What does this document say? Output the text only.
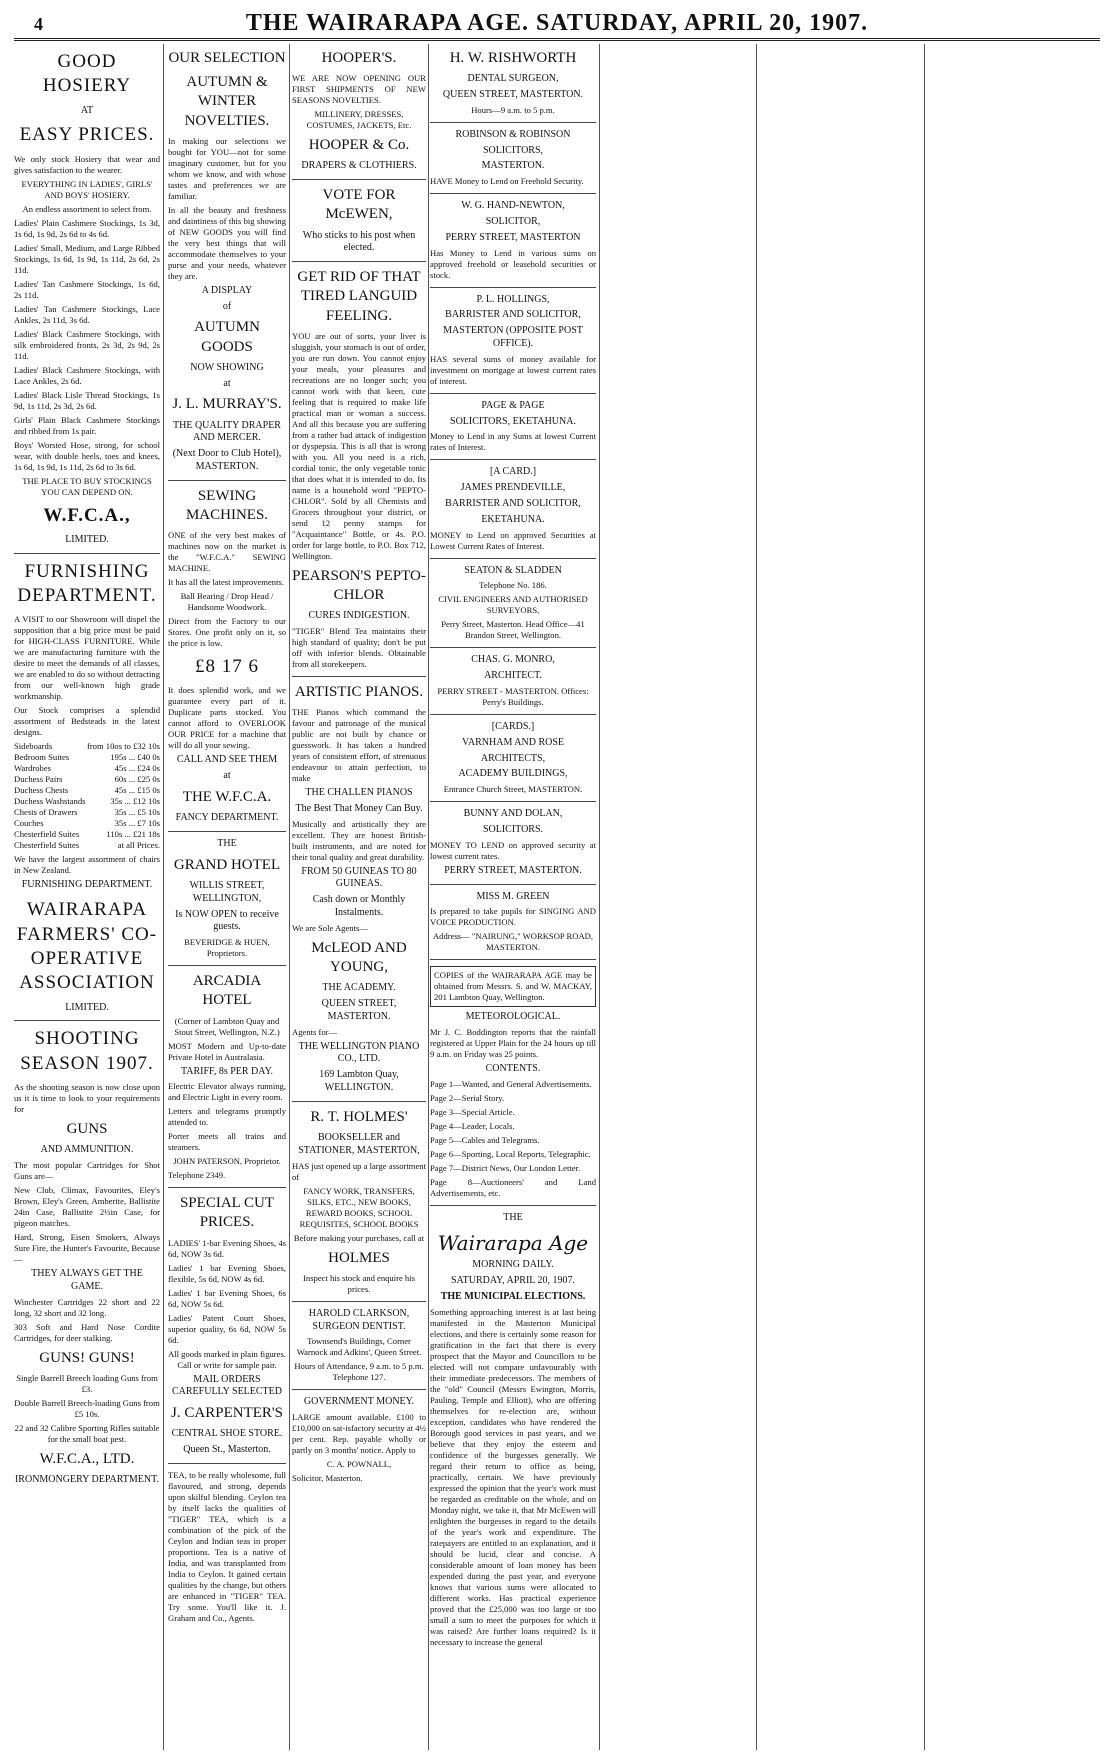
4	THE WAIRARAPA AGE. SATURDAY, APRIL 20, 1907.
GOOD HOSIERY
AT
EASY PRICES.
We only stock Hosiery that wear and gives satisfaction to the wearer.
EVERYTHING IN LADIES', GIRLS' AND BOYS' HOSIERY.
An endless assortment to select from.
Ladies' Plain Cashmere Stockings, 1s 3d, 1s 6d, 1s 9d, 2s 6d to 4s 6d.
Ladies' Small, Medium, and Large Ribbed Stockings, 1s 6d, 1s 9d, 1s 11d, 2s 6d, 2s 11d.
Ladies' Tan Cashmere Stockings, 1s 6d, 2s 11d.
Ladies' Tan Cashmere Stockings, Lace Ankles, 2s 11d, 3s 6d.
Ladies' Black Cashmere Stockings, with silk embroidered fronts, 2s 3d, 2s 9d, 2s 11d.
Ladies' Black Cashmere Stockings, with Lace Ankles, 2s 6d.
Ladies' Black Lisle Thread Stockings, 1s 9d, 1s 11d, 2s 3d, 2s 6d.
Girls' Plain Black Cashmere Stockings and ribbed from 1s pair.
Boys' Worsted Hose, strong, for school wear, with double heels, toes and knees, 1s 6d, 1s 9d, 1s 11d, 2s 6d to 3s 6d.
THE PLACE TO BUY STOCKINGS YOU CAN DEPEND ON.
W.F.C.A.,
LIMITED.
FURNISHING DEPARTMENT.
A VISIT to our Showroom will dispel the supposition that a big price must be paid for HIGH-CLASS FURNITURE. While we are manufacturing furniture with the desire to meet the demands of all classes, we are enabled to do so without detracting from our well-known high grade workmanship.
Our Stock comprises a splendid assortment of Bedsteads in the latest designs.
Sideboards	from 10os to £32 10s
Bedroom Suites	195s ... £40 0s
Wardrobes	45s ... £24 0s
Duchess Pairs	60s ... £25 0s
Duchess Chests	45s ... £15 0s
Duchess Washstands	35s ... £12 10s
Chests of Drawers	35s ... £5 10s
Couches	35s ... £7 10s
Chesterfield Suites	110s ... £21 18s
Chesterfield Suites	at all Prices.
We have the largest assortment of chairs in New Zealand.
FURNISHING DEPARTMENT.
WAIRARAPA FARMERS' CO-OPERATIVE ASSOCIATION
LIMITED.
SHOOTING SEASON 1907.
As the shooting season is now close upon us it is time to look to your requirements for
GUNS
AND AMMUNITION.
The most popular Cartridges for Shot Guns are—
New Club, Climax, Favourites, Eley's Brown, Eley's Green, Amberite, Ballistite 24in Case, Ballistite 2½in Case, for pigeon matches.
Hard, Strong, Eisen Smokers, Always Sure Fire, the Hunter's Favourite, Because—
THEY ALWAYS GET THE GAME.
Winchester Cartridges 22 short and 22 long, 32 short and 32 long.
303 Soft and Hard Nose Cordite Cartridges, for deer stalking.
GUNS! GUNS!
Single Barrell Breech loading Guns from £3.
Double Barrell Breech-loading Guns from £5 10s.
22 and 32 Calibre Sporting Rifles suitable for the small boat pest.
W.F.C.A., LTD.
IRONMONGERY DEPARTMENT.
OUR SELECTION
AUTUMN & WINTER NOVELTIES.
In making our selections we bought for YOU—not for some imaginary customer, but for you whom we know, and with whose tastes and preferences we are familiar.
In all the beauty and freshness and daintiness of this big showing of NEW GOODS you will find the very best things that will accommodate themselves to your purse and your needs, whatever they are.
A DISPLAY
of
AUTUMN GOODS
NOW SHOWING
at
J. L. MURRAY'S.
THE QUALITY DRAPER AND MERCER.
(Next Door to Club Hotel), MASTERTON.
SEWING MACHINES.
ONE of the very best makes of machines now on the market is the "W.F.C.A." SEWING MACHINE.
It has all the latest improvements.
Ball Bearing / Drop Head / Handsome Woodwork.
Direct from the Factory to our Stores. One profit only on it, so the price is low.
£8 17 6
It does splendid work, and we guarantee every part of it. Duplicate parts stocked. You cannot afford to OVERLOOK OUR PRICE for a machine that will do all your sewing.
CALL AND SEE THEM
at
THE W.F.C.A.
FANCY DEPARTMENT.
THE
GRAND HOTEL
WILLIS STREET, WELLINGTON,
Is NOW OPEN to receive guests.
BEVERIDGE & HUEN, Proprietors.
ARCADIA HOTEL
(Corner of Lambton Quay and Stout Street, Wellington, N.Z.)
MOST Modern and Up-to-date Private Hotel in Australasia.
TARIFF, 8s PER DAY.
Electric Elevator always running, and Electric Light in every room.
Letters and telegrams promptly attended to.
Porter meets all trains and steamers.
JOHN PATERSON, Proprietor.
Telephone 2349.
SPECIAL CUT PRICES.
LADIES' 1-bar Evening Shoes, 4s 6d, NOW 3s 6d.
Ladies' 1 bar Evening Shoes, flexible, 5s 6d, NOW 4s 6d.
Ladies' 1 bar Evening Shoes, 6s 6d, NOW 5s 6d.
Ladies' Patent Court Shoes, superior quality, 6s 6d, NOW 5s 6d.
All goods marked in plain figures. Call or write for sample pair.
MAIL ORDERS CAREFULLY SELECTED
J. CARPENTER'S
CENTRAL SHOE STORE.
Queen St., Masterton.
TEA, to be really wholesome, full flavoured, and strong, depends upon skilful blending. Ceylon tea by itself lacks the qualities of "TIGER" TEA, which is a combination of the pick of the Ceylon and Indian teas in proper proportions. Tea is a native of India, and was transplanted from India to Ceylon. It gained certain qualities by the change, but others are enhanced in "TIGER" TEA. Try some. You'll like it. J. Graham and Co., Agents.
HOOPER'S.
WE ARE NOW OPENING OUR FIRST SHIPMENTS OF NEW SEASONS NOVELTIES.
MILLINERY, DRESSES, COSTUMES, JACKETS, Etc.
HOOPER & Co.
DRAPERS & CLOTHIERS.
VOTE FOR McEWEN,
Who sticks to his post when elected.
GET RID OF THAT TIRED LANGUID FEELING.
YOU are out of sorts, your liver is sluggish, your stomach is out of order, you are run down. You cannot enjoy your meals, your pleasures and recreations are no longer such; you cannot work with that keen, cute feeling that is required to make life practical man or woman a success. And all this because you are suffering from a rather bad attack of indigestion or dyspepsia. This is all that is wrong with you. All you need is a rich, cordial tonic, the only vegetable tonic that does what it is intended to do. Its name is a household word "PEPTO-CHLOR". Sold by all Chemists and Grocers throughout your district, or send 12 penny stamps for "Acquaintance" Bottle, or 4s. P.O. order for large bottle, to P.O. Box 712, Wellington.
PEARSON'S PEPTO-CHLOR
CURES INDIGESTION.
"TIGER" Blend Tea maintains their high standard of quality; don't be put off with inferior blends. Obtainable from all storekeepers.
ARTISTIC PIANOS.
THE Pianos which command the favour and patronage of the musical public are not built by chance or guesswork. It has taken a hundred years of consistent effort, of strenuous endeavour to attain perfection, to make
THE CHALLEN PIANOS
The Best That Money Can Buy.
Musically and artistically they are excellent. They are honest British-built instruments, and are noted for their tonal quality and great durability.
FROM 50 GUINEAS TO 80 GUINEAS.
Cash down or Monthly Instalments.
We are Sole Agents—
McLEOD AND YOUNG,
THE ACADEMY.
QUEEN STREET, MASTERTON.
Agents for—
THE WELLINGTON PIANO CO., LTD.
169 Lambton Quay, WELLINGTON.
R. T. HOLMES'
BOOKSELLER and STATIONER, MASTERTON,
HAS just opened up a large assortment of
FANCY WORK, TRANSFERS, SILKS, ETC., NEW BOOKS, REWARD BOOKS, SCHOOL REQUISITES, SCHOOL BOOKS
Before making your purchases, call at
HOLMES
Inspect his stock and enquire his prices.
HAROLD CLARKSON, SURGEON DENTIST.
Townsend's Buildings, Corner Warnock and Adkins', Queen Street.
Hours of Attendance, 9 a.m. to 5 p.m. Telephone 127.
GOVERNMENT MONEY.
LARGE amount available. £100 to £10,000 on sat-isfactory security at 4½ per cent. Rep. payable wholly or partly on 3 months' notice. Apply to
C. A. POWNALL,
Solicitor, Masterton.
H. W. RISHWORTH
DENTAL SURGEON,
QUEEN STREET, MASTERTON.
Hours—9 a.m. to 5 p.m.
ROBINSON & ROBINSON
SOLICITORS,
MASTERTON.
HAVE Money to Lend on Freehold Security.
W. G. HAND-NEWTON,
SOLICITOR,
PERRY STREET, MASTERTON
Has Money to Lend in various sums on approved freehold or leasehold securities or stock.
P. L. HOLLINGS,
BARRISTER AND SOLICITOR,
MASTERTON (OPPOSITE POST OFFICE).
HAS several sums of money available for investment on mortgage at lowest current rates of interest.
PAGE & PAGE
SOLICITORS, EKETAHUNA.
Money to Lend in any Sums at lowest Current rates of Interest.
[A CARD.]
JAMES PRENDEVILLE,
BARRISTER AND SOLICITOR,
EKETAHUNA.
MONEY to Lend on approved Securities at Lowest Current Rates of Interest.
SEATON & SLADDEN
Telephone No. 186.
CIVIL ENGINEERS AND AUTHORISED SURVEYORS,
Perry Street, Masterton. Head Office—41 Brandon Street, Wellington.
CHAS. G. MONRO,
ARCHITECT.
PERRY STREET - MASTERTON. Offices: Perry's Buildings.
[CARDS.]
VARNHAM AND ROSE
ARCHITECTS,
ACADEMY BUILDINGS,
Entrance Church Street, MASTERTON.
BUNNY AND DOLAN,
SOLICITORS.
MONEY TO LEND on approved security at lowest current rates.
PERRY STREET, MASTERTON.
MISS M. GREEN
Is prepared to take pupils for SINGING AND VOICE PRODUCTION.
Address— "NAIRUNG," WORKSOP ROAD, MASTERTON.
COPIES of the WAIRARAPA AGE may be obtained from Messrs. S. and W. MACKAY, 201 Lambton Quay, Wellington.
METEOROLOGICAL.
Mr J. C. Boddington reports that the rainfall registered at Upper Plain for the 24 hours up till 9 a.m. on Friday was 25 points.
CONTENTS.
Page 1—Wanted, and General Advertisements.
Page 2—Serial Story.
Page 3—Special Article.
Page 4—Leader, Locals.
Page 5—Cables and Telegrams.
Page 6—Sporting, Local Reports, Telegraphic.
Page 7—District News, Our London Letter.
Page 8—Auctioneers' and Land Advertisements, etc.
THE
Wairarapa Age
MORNING DAILY.
SATURDAY, APRIL 20, 1907.
THE MUNICIPAL ELECTIONS.
Something approaching interest is at last being manifested in the Masterton Municipal elections, and there is certainly some reason for gratification in the fact that there is every prospect that the Mayor and Councillors to be elected will not compare unfavourably with their immediate predecessors. The members of the "old" Council (Messrs Ewington, Morris, Pauling, Temple and Elliott), who are offering themselves for re-election are, without exception, candidates who have rendered the Borough good services in past years, and we believe that they enjoy the esteem and confidence of the burgesses generally. We regard their return to office as being, practically, certain. We have previously expressed the opinion that the year's work must be regarded as creditable on the whole, and on Monday night, we take it, that Mr McEwen will enlighten the burgesses in regard to the details of the year's work and expenditure. The ratepayers are entitled to an explanation, and it should be lucid, clear and concise. A considerable amount of loan money has been expended during the past year, and everyone knows that various sums were allocated to different works. Has practical experience proved that the £25,000 was too large or too small a sum to meet the purposes for which it was raised? Are further loans required? Is it necessary to increase the general
